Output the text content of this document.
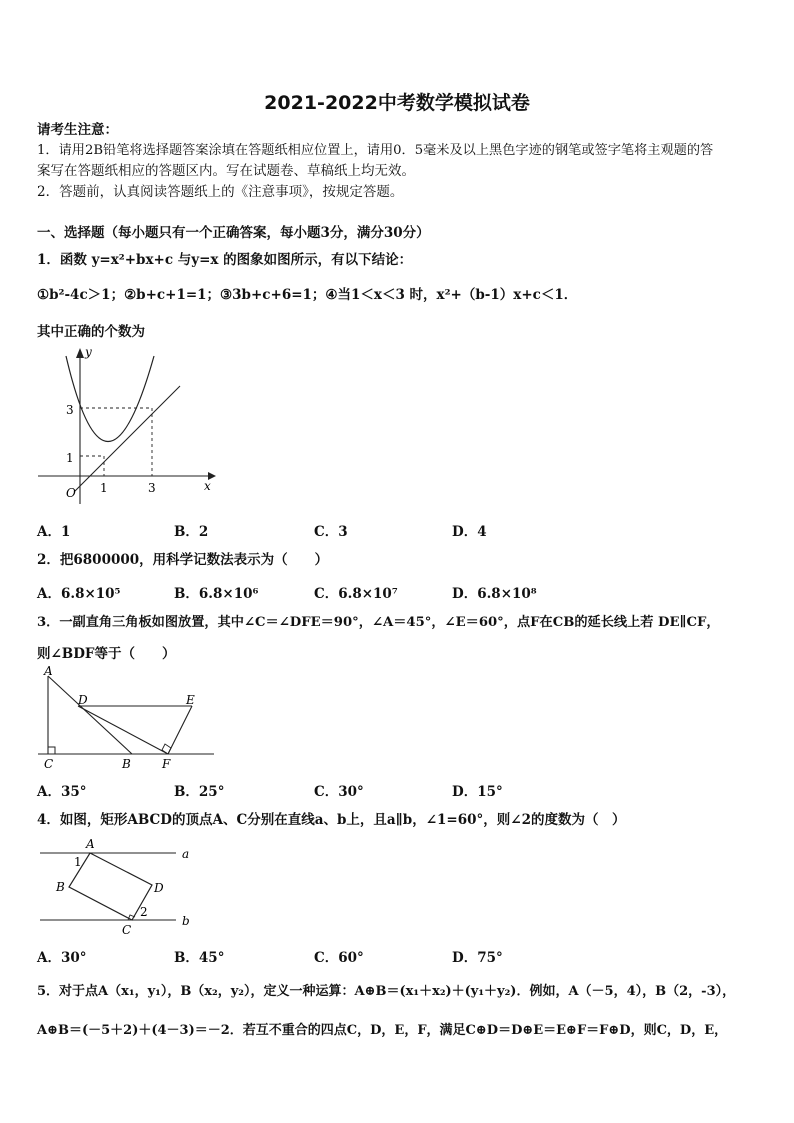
2021-2022中考数学模拟试卷
请考生注意：
1．请用2B铅笔将选择题答案涂填在答题纸相应位置上，请用0．5毫米及以上黑色字迹的钢笔或签字笔将主观题的答
案写在答题纸相应的答题区内。写在试题卷、草稿纸上均无效。
2．答题前，认真阅读答题纸上的《注意事项》，按规定答题。
一、选择题（每小题只有一个正确答案，每小题3分，满分30分）
1．函数 y=x²+bx+c 与y=x 的图象如图所示，有以下结论：
①b²-4c＞1；②b+c+1=1；③3b+c+6=1；④当1＜x＜3 时，x²+（b-1）x+c＜1．
其中正确的个数为
y
x
O
3
1
1	3
A．1	B．2	C．3	D．4
2．把6800000，用科学记数法表示为（　　）
A．6.8×10⁵	B．6.8×10⁶	C．6.8×10⁷	D．6.8×10⁸
3．一副直角三角板如图放置，其中∠C＝∠DFE＝90°，∠A＝45°，∠E＝60°，点F在CB的延长线上若 DE∥CF，
则∠BDF等于（　　）
A
D	E
C	B	F
A．35°	B．25°	C．30°	D．15°
4．如图，矩形ABCD的顶点A、C分别在直线a、b上，且a∥b，∠1=60°，则∠2的度数为（　）
A
B	D
C
a
b
1
2
A．30°	B．45°	C．60°	D．75°
5．对于点A（x₁，y₁），B（x₂，y₂），定义一种运算：A⊕B＝(x₁＋x₂)＋(y₁＋y₂)．例如，A（－5，4），B（2，-3），
A⊕B＝(－5＋2)＋(4－3)＝－2．若互不重合的四点C，D，E，F，满足C⊕D＝D⊕E＝E⊕F＝F⊕D，则C，D，E，
